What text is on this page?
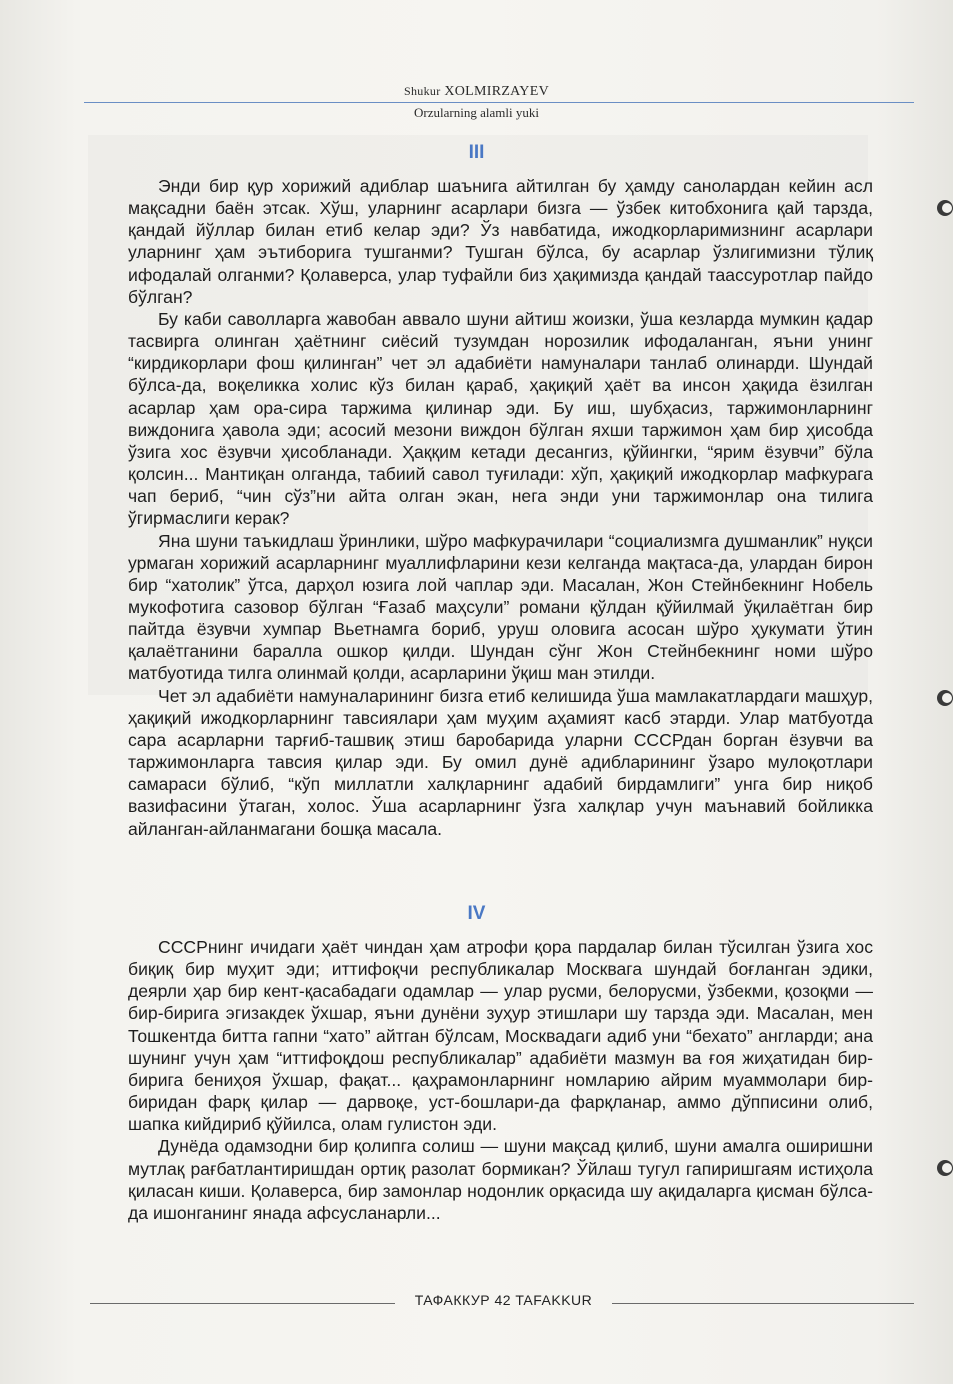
Shukur XOLMIRZAYEV
Orzularning alamli yuki
III

Энди бир қур хорижий адиблар шаънига айтилган бу ҳамду санолардан кейин асл мақсадни баён этсак. Хўш, уларнинг асарлари бизга — ўзбек китобхонига қай тарзда, қандай йўллар билан етиб келар эди? Ўз навбатида, ижодкорларимизнинг асарлари уларнинг ҳам эътиборига тушганми? Тушган бўлса, бу асарлар ўзлигимизни тўлиқ ифодалай олганми? Қолаверса, улар туфайли биз ҳақимизда қандай таассуротлар пайдо бўлган?

Бу каби саволларга жавобан аввало шуни айтиш жоизки, ўша кезларда мумкин қадар тасвирга олинган ҳаётнинг сиёсий тузумдан норозилик ифодаланган, яъни унинг “кирдикорлари фош қилинган” чет эл адабиёти намуналари танлаб олинарди. Шундай бўлса-да, воқеликка холис кўз билан қараб, ҳақиқий ҳаёт ва инсон ҳақида ёзилган асарлар ҳам ора-сира таржима қилинар эди. Бу иш, шубҳасиз, таржимонларнинг виждонига ҳавола эди; асосий мезони виждон бўлган яхши таржимон ҳам бир ҳисобда ўзига хос ёзувчи ҳисобланади. Ҳаққим кетади десангиз, қўйингки, “ярим ёзувчи” бўла қолсин... Мантиқан олганда, табиий савол туғилади: хўп, ҳақиқий ижодкорлар мафкурага чап бериб, “чин сўз”ни айта олган экан, нега энди уни таржимонлар она тилига ўгирмаслиги керак?

Яна шуни таъкидлаш ўринлики, шўро мафкурачилари “социализмга душманлик” нуқси урмаган хорижий асарларнинг муаллифларини кези келганда мақтаса-да, улардан бирон бир “хатолик” ўтса, дарҳол юзига лой чаплар эди. Масалан, Жон Стейнбекнинг Нобель мукофотига сазовор бўлган “Ғазаб маҳсули” романи қўлдан қўйилмай ўқилаётган бир пайтда ёзувчи хумпар Вьетнамга бориб, уруш оловига асосан шўро ҳукумати ўтин қалаётганини баралла ошкор қилди. Шундан сўнг Жон Стейнбекнинг номи шўро матбуотида тилга олинмай қолди, асарларини ўқиш ман этилди.

Чет эл адабиёти намуналарининг бизга етиб келишида ўша мамлакатлардаги машҳур, ҳақиқий ижодкорларнинг тавсиялари ҳам муҳим аҳамият касб этарди. Улар матбуотда сара асарларни тарғиб-ташвиқ этиш баробарида уларни СССРдан борган ёзувчи ва таржимонларга тавсия қилар эди. Бу омил дунё адибларининг ўзаро мулоқотлари самараси бўлиб, “кўп миллатли халқларнинг адабий бирдамлиги” унга бир ниқоб вазифасини ўтаган, холос. Ўша асарларнинг ўзга халқлар учун маънавий бойликка айланган-айланмагани бошқа масала.

IV

СССРнинг ичидаги ҳаёт чиндан ҳам атрофи қора пардалар билан тўсилган ўзига хос биқиқ бир муҳит эди; иттифоқчи республикалар Москвага шундай боғланган эдики, деярли ҳар бир кент-қасабадаги одамлар — улар русми, белорусми, ўзбекми, қозоқми — бир-бирига эгизакдек ўхшар, яъни дунёни зуҳур этишлари шу тарзда эди. Масалан, мен Тошкентда битта гапни “хато” айтган бўлсам, Москвадаги адиб уни “бехато” англарди; ана шунинг учун ҳам “иттифоқдош республикалар” адабиёти мазмун ва ғоя жиҳатидан бир-бирига бениҳоя ўхшар, фақат... қаҳрамонларнинг номларию айрим муаммолари бир-биридан фарқ қилар — дарвоқе, уст-бошлари-да фарқланар, аммо дўпписини олиб, шапка кийдириб қўйилса, олам гулистон эди.

Дунёда одамзодни бир қолипга солиш — шуни мақсад қилиб, шуни амалга оширишни мутлақ рағбатлантиришдан ортиқ разолат бормикан? Ўйлаш тугул гапиришгаям истиҳола қиласан киши. Қолаверса, бир замонлар нодонлик орқасида шу ақидаларга қисман бўлса-да ишонганинг янада афсусланарли...

ТАФАККУР 42 TAFAKKUR
